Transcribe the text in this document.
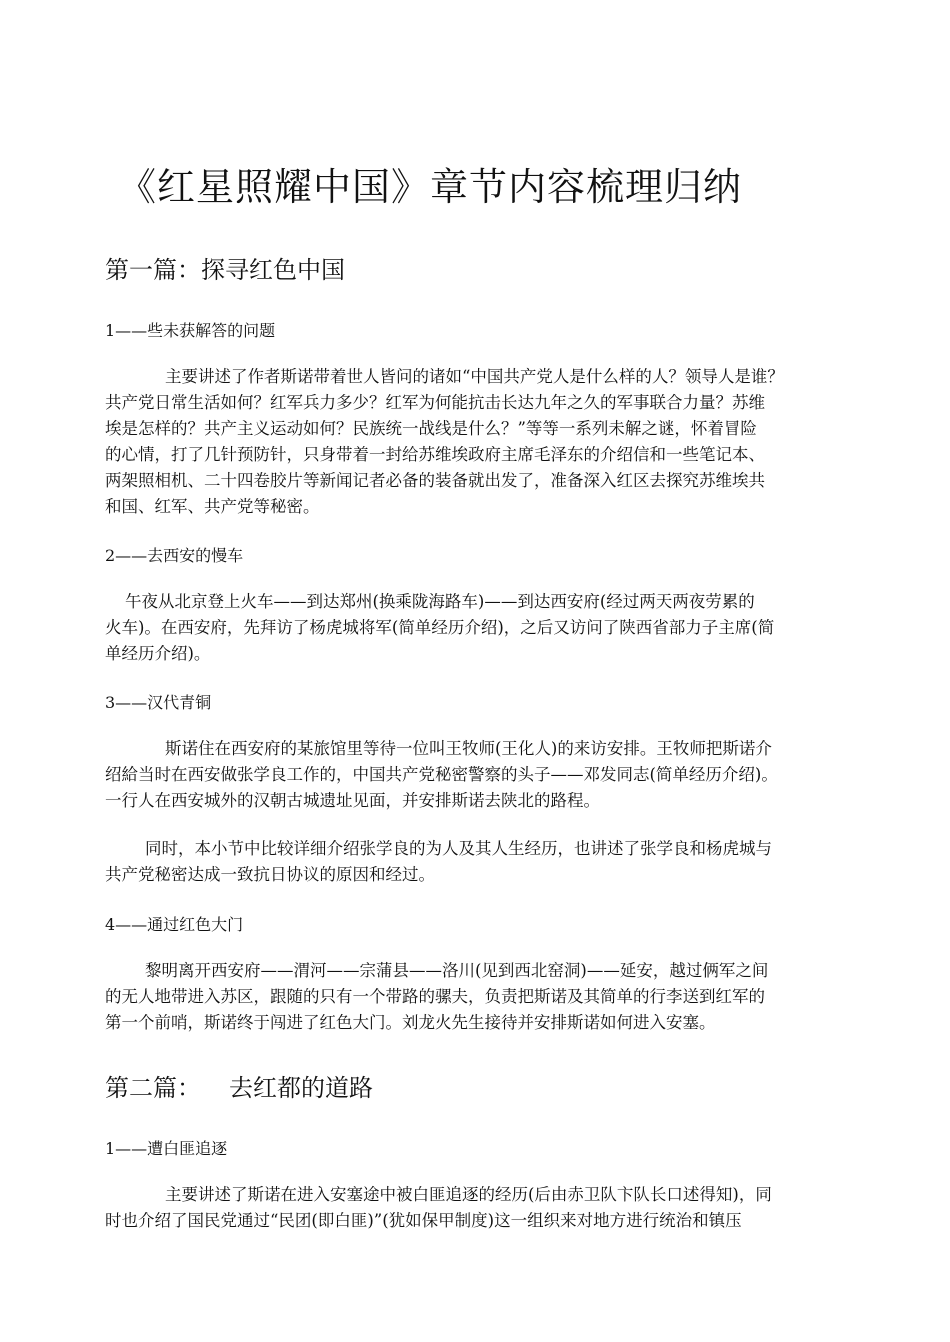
《红星照耀中国》章节内容梳理归纳
第一篇：探寻红色中国
1——些未获解答的问题
主要讲述了作者斯诺带着世人皆问的诸如“中国共产党人是什么样的人？领导人是谁？
共产党日常生活如何？红军兵力多少？红军为何能抗击长达九年之久的军事联合力量？苏维
埃是怎样的？共产主义运动如何？民族统一战线是什么？”等等一系列未解之谜，怀着冒险
的心情，打了几针预防针，只身带着一封给苏维埃政府主席毛泽东的介绍信和一些笔记本、
两架照相机、二十四卷胶片等新闻记者必备的装备就出发了，准备深入红区去探究苏维埃共
和国、红军、共产党等秘密。
2——去西安的慢车
午夜从北京登上火车——到达郑州(换乘陇海路车)——到达西安府(经过两天两夜劳累的
火车)。在西安府，先拜访了杨虎城将军(简单经历介绍)，之后又访问了陕西省部力子主席(简
单经历介绍)。
3——汉代青铜
斯诺住在西安府的某旅馆里等待一位叫王牧师(王化人)的来访安排。王牧师把斯诺介
绍給当时在西安做张学良工作的，中国共产党秘密警察的头子——邓发同志(简单经历介绍)。
一行人在西安城外的汉朝古城遗址见面，并安排斯诺去陕北的路程。
同时，本小节中比较详细介绍张学良的为人及其人生经历，也讲述了张学良和杨虎城与
共产党秘密达成一致抗日协议的原因和经过。
4——通过红色大门
黎明离开西安府——渭河——宗蒲县——洛川(见到西北窑洞)——延安，越过俩军之间
的无人地带进入苏区，跟随的只有一个带路的骡夫，负责把斯诺及其简单的行李送到红军的
第一个前哨，斯诺终于闯进了红色大门。刘龙火先生接待并安排斯诺如何进入安塞。
第二篇： 去红都的道路
1——遭白匪追逐
主要讲述了斯诺在进入安塞途中被白匪追逐的经历(后由赤卫队卞队长口述得知)，同
时也介绍了国民党通过“民团(即白匪)”(犹如保甲制度)这一组织来对地方进行统治和镇压
